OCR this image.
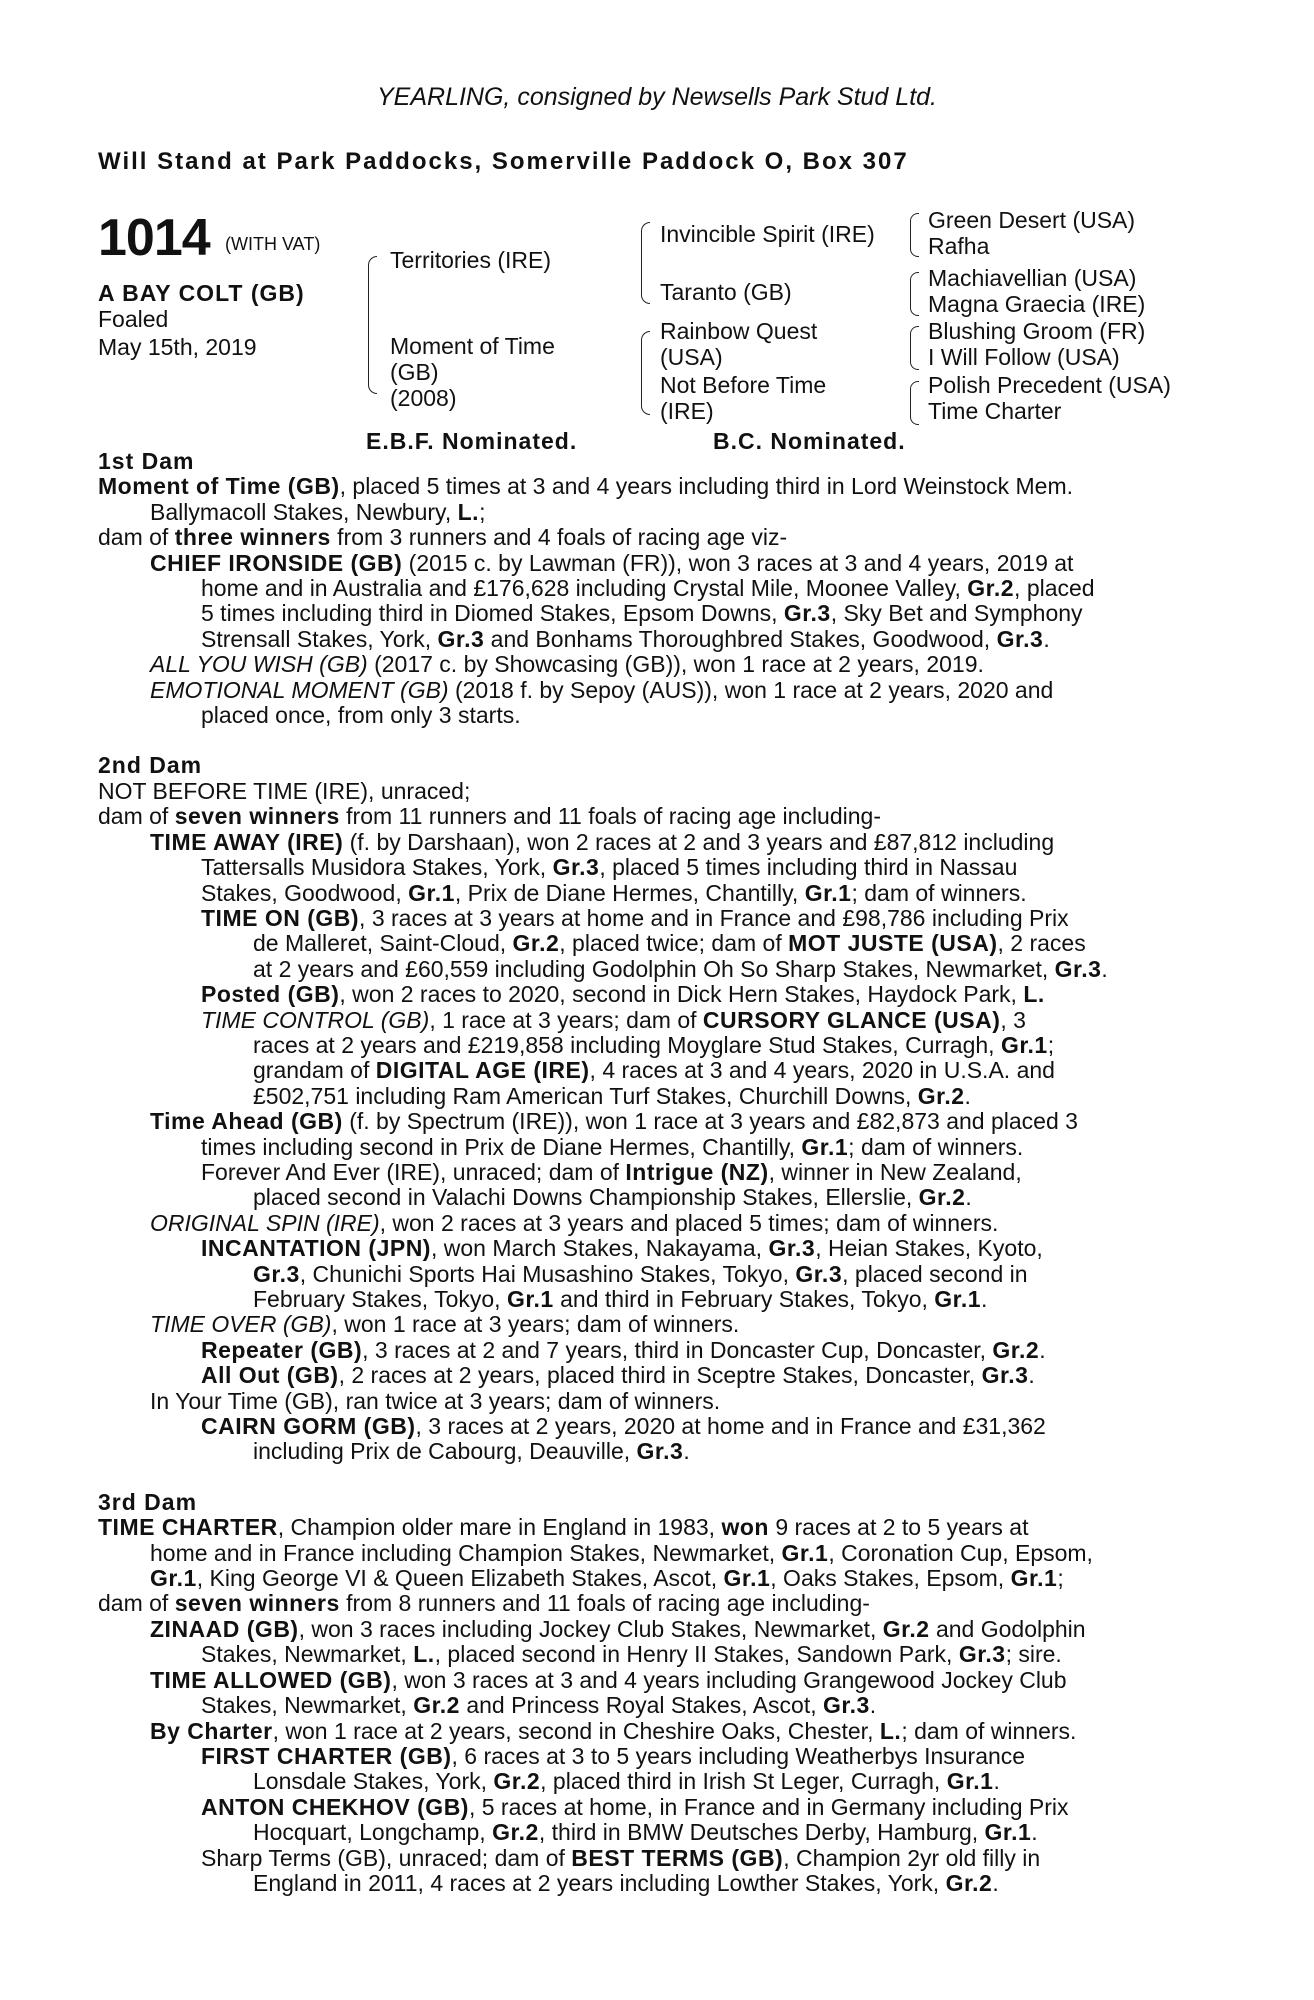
YEARLING, consigned by Newsells Park Stud Ltd.
Will Stand at Park Paddocks, Somerville Paddock O, Box 307
1014 (WITH VAT)
A BAY COLT (GB)
Foaled
May 15th, 2019
Territories (IRE)
Moment of Time
(GB)
(2008)
Invincible Spirit (IRE)
Taranto (GB)
Rainbow Quest
(USA)
Not Before Time
(IRE)
Green Desert (USA)
Rafha
Machiavellian (USA)
Magna Graecia (IRE)
Blushing Groom (FR)
I Will Follow (USA)
Polish Precedent (USA)
Time Charter
E.B.F. Nominated.	B.C. Nominated.
1st Dam
Moment of Time (GB), placed 5 times at 3 and 4 years including third in Lord Weinstock Mem.
Ballymacoll Stakes, Newbury, L.;
dam of three winners from 3 runners and 4 foals of racing age viz-
CHIEF IRONSIDE (GB) (2015 c. by Lawman (FR)), won 3 races at 3 and 4 years, 2019 at
home and in Australia and £176,628 including Crystal Mile, Moonee Valley, Gr.2, placed
5 times including third in Diomed Stakes, Epsom Downs, Gr.3, Sky Bet and Symphony
Strensall Stakes, York, Gr.3 and Bonhams Thoroughbred Stakes, Goodwood, Gr.3.
ALL YOU WISH (GB) (2017 c. by Showcasing (GB)), won 1 race at 2 years, 2019.
EMOTIONAL MOMENT (GB) (2018 f. by Sepoy (AUS)), won 1 race at 2 years, 2020 and
placed once, from only 3 starts.
2nd Dam
NOT BEFORE TIME (IRE), unraced;
dam of seven winners from 11 runners and 11 foals of racing age including-
TIME AWAY (IRE) (f. by Darshaan), won 2 races at 2 and 3 years and £87,812 including
Tattersalls Musidora Stakes, York, Gr.3, placed 5 times including third in Nassau
Stakes, Goodwood, Gr.1, Prix de Diane Hermes, Chantilly, Gr.1; dam of winners.
TIME ON (GB), 3 races at 3 years at home and in France and £98,786 including Prix
de Malleret, Saint-Cloud, Gr.2, placed twice; dam of MOT JUSTE (USA), 2 races
at 2 years and £60,559 including Godolphin Oh So Sharp Stakes, Newmarket, Gr.3.
Posted (GB), won 2 races to 2020, second in Dick Hern Stakes, Haydock Park, L.
TIME CONTROL (GB), 1 race at 3 years; dam of CURSORY GLANCE (USA), 3
races at 2 years and £219,858 including Moyglare Stud Stakes, Curragh, Gr.1;
grandam of DIGITAL AGE (IRE), 4 races at 3 and 4 years, 2020 in U.S.A. and
£502,751 including Ram American Turf Stakes, Churchill Downs, Gr.2.
Time Ahead (GB) (f. by Spectrum (IRE)), won 1 race at 3 years and £82,873 and placed 3
times including second in Prix de Diane Hermes, Chantilly, Gr.1; dam of winners.
Forever And Ever (IRE), unraced; dam of Intrigue (NZ), winner in New Zealand,
placed second in Valachi Downs Championship Stakes, Ellerslie, Gr.2.
ORIGINAL SPIN (IRE), won 2 races at 3 years and placed 5 times; dam of winners.
INCANTATION (JPN), won March Stakes, Nakayama, Gr.3, Heian Stakes, Kyoto,
Gr.3, Chunichi Sports Hai Musashino Stakes, Tokyo, Gr.3, placed second in
February Stakes, Tokyo, Gr.1 and third in February Stakes, Tokyo, Gr.1.
TIME OVER (GB), won 1 race at 3 years; dam of winners.
Repeater (GB), 3 races at 2 and 7 years, third in Doncaster Cup, Doncaster, Gr.2.
All Out (GB), 2 races at 2 years, placed third in Sceptre Stakes, Doncaster, Gr.3.
In Your Time (GB), ran twice at 3 years; dam of winners.
CAIRN GORM (GB), 3 races at 2 years, 2020 at home and in France and £31,362
including Prix de Cabourg, Deauville, Gr.3.
3rd Dam
TIME CHARTER, Champion older mare in England in 1983, won 9 races at 2 to 5 years at
home and in France including Champion Stakes, Newmarket, Gr.1, Coronation Cup, Epsom,
Gr.1, King George VI & Queen Elizabeth Stakes, Ascot, Gr.1, Oaks Stakes, Epsom, Gr.1;
dam of seven winners from 8 runners and 11 foals of racing age including-
ZINAAD (GB), won 3 races including Jockey Club Stakes, Newmarket, Gr.2 and Godolphin
Stakes, Newmarket, L., placed second in Henry II Stakes, Sandown Park, Gr.3; sire.
TIME ALLOWED (GB), won 3 races at 3 and 4 years including Grangewood Jockey Club
Stakes, Newmarket, Gr.2 and Princess Royal Stakes, Ascot, Gr.3.
By Charter, won 1 race at 2 years, second in Cheshire Oaks, Chester, L.; dam of winners.
FIRST CHARTER (GB), 6 races at 3 to 5 years including Weatherbys Insurance
Lonsdale Stakes, York, Gr.2, placed third in Irish St Leger, Curragh, Gr.1.
ANTON CHEKHOV (GB), 5 races at home, in France and in Germany including Prix
Hocquart, Longchamp, Gr.2, third in BMW Deutsches Derby, Hamburg, Gr.1.
Sharp Terms (GB), unraced; dam of BEST TERMS (GB), Champion 2yr old filly in
England in 2011, 4 races at 2 years including Lowther Stakes, York, Gr.2.
